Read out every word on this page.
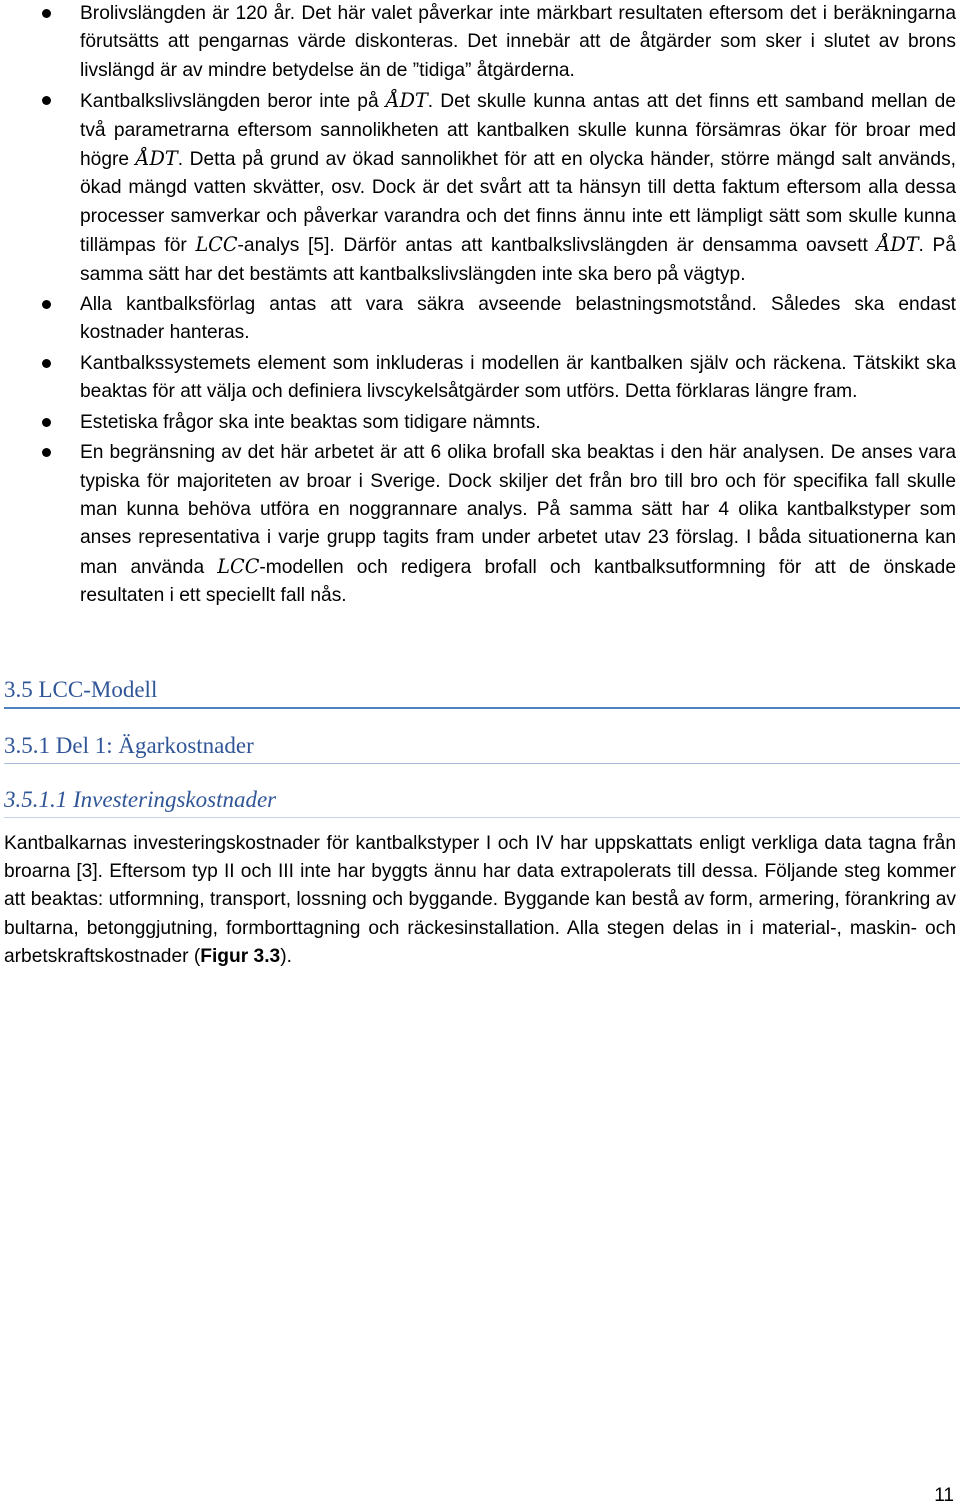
Brolivslängden är 120 år. Det här valet påverkar inte märkbart resultaten eftersom det i beräkningarna förutsätts att pengarnas värde diskonteras. Det innebär att de åtgärder som sker i slutet av brons livslängd är av mindre betydelse än de ”tidiga” åtgärderna.
Kantbalkslivslängden beror inte på ÅDT. Det skulle kunna antas att det finns ett samband mellan de två parametrarna eftersom sannolikheten att kantbalken skulle kunna försämras ökar för broar med högre ÅDT. Detta på grund av ökad sannolikhet för att en olycka händer, större mängd salt används, ökad mängd vatten skvätter, osv. Dock är det svårt att ta hänsyn till detta faktum eftersom alla dessa processer samverkar och påverkar varandra och det finns ännu inte ett lämpligt sätt som skulle kunna tillämpas för LCC-analys [5]. Därför antas att kantbalkslivslängden är densamma oavsett ÅDT. På samma sätt har det bestämts att kantbalkslivslängden inte ska bero på vägtyp.
Alla kantbalksförlag antas att vara säkra avseende belastningsmotstånd. Således ska endast kostnader hanteras.
Kantbalkssystemets element som inkluderas i modellen är kantbalken själv och räckena. Tätskikt ska beaktas för att välja och definiera livscykelsåtgärder som utförs. Detta förklaras längre fram.
Estetiska frågor ska inte beaktas som tidigare nämnts.
En begränsning av det här arbetet är att 6 olika brofall ska beaktas i den här analysen. De anses vara typiska för majoriteten av broar i Sverige. Dock skiljer det från bro till bro och för specifika fall skulle man kunna behöva utföra en noggrannare analys. På samma sätt har 4 olika kantbalkstyper som anses representativa i varje grupp tagits fram under arbetet utav 23 förslag. I båda situationerna kan man använda LCC-modellen och redigera brofall och kantbalksutformning för att de önskade resultaten i ett speciellt fall nås.
3.5 LCC-Modell
3.5.1 Del 1: Ägarkostnader
3.5.1.1 Investeringskostnader
Kantbalkarnas investeringskostnader för kantbalkstyper I och IV har uppskattats enligt verkliga data tagna från broarna [3]. Eftersom typ II och III inte har byggts ännu har data extrapolerats till dessa. Följande steg kommer att beaktas: utformning, transport, lossning och byggande. Byggande kan bestå av form, armering, förankring av bultarna, betonggjutning, formborttagning och räckesinstallation. Alla stegen delas in i material-, maskin- och arbetskraftskostnader (Figur 3.3).
11
